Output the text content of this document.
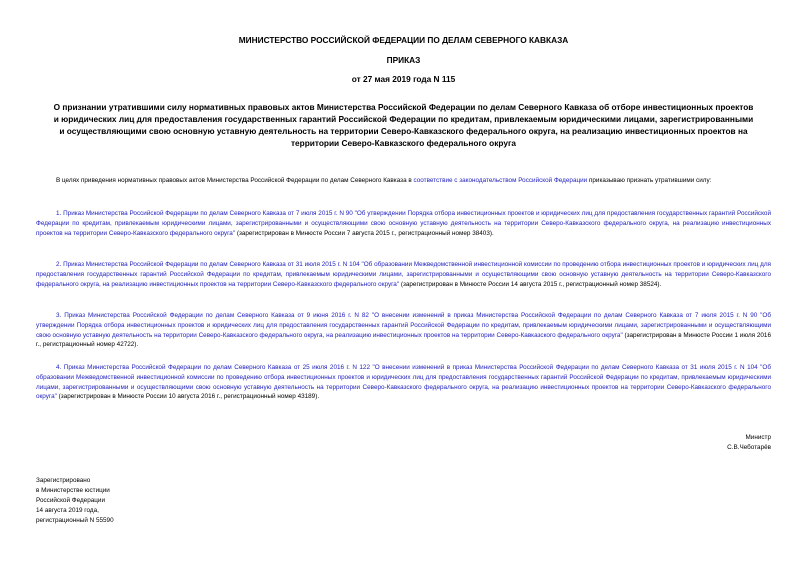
МИНИСТЕРСТВО РОССИЙСКОЙ ФЕДЕРАЦИИ ПО ДЕЛАМ СЕВЕРНОГО КАВКАЗА
ПРИКАЗ
от 27 мая 2019 года N 115
О признании утратившими силу нормативных правовых актов Министерства Российской Федерации по делам Северного Кавказа об отборе инвестиционных проектов и юридических лиц для предоставления государственных гарантий Российской Федерации по кредитам, привлекаемым юридическими лицами, зарегистрированными и осуществляющими свою основную уставную деятельность на территории Северо-Кавказского федерального округа, на реализацию инвестиционных проектов на территории Северо-Кавказского федерального округа
В целях приведения нормативных правовых актов Министерства Российской Федерации по делам Северного Кавказа в соответствие с законодательством Российской Федерации приказываю признать утратившими силу:
1. Приказ Министерства Российской Федерации по делам Северного Кавказа от 7 июля 2015 г. N 90 "Об утверждении Порядка отбора инвестиционных проектов и юридических лиц для предоставления государственных гарантий Российской Федерации по кредитам, привлекаемым юридическими лицами, зарегистрированными и осуществляющими свою основную уставную деятельность на территории Северо-Кавказского федерального округа, на реализацию инвестиционных проектов на территории Северо-Кавказского федерального округа" (зарегистрирован в Минюсте России 7 августа 2015 г., регистрационный номер 38403).
2. Приказ Министерства Российской Федерации по делам Северного Кавказа от 31 июля 2015 г. N 104 "Об образовании Межведомственной инвестиционной комиссии по проведению отбора инвестиционных проектов и юридических лиц для предоставления государственных гарантий Российской Федерации по кредитам, привлекаемым юридическими лицами, зарегистрированными и осуществляющими свою основную уставную деятельность на территории Северо-Кавказского федерального округа, на реализацию инвестиционных проектов на территории Северо-Кавказского федерального округа" (зарегистрирован в Минюсте России 14 августа 2015 г., регистрационный номер 38524).
3. Приказ Министерства Российской Федерации по делам Северного Кавказа от 9 июня 2016 г. N 82 "О внесении изменений в приказ Министерства Российской Федерации по делам Северного Кавказа от 7 июля 2015 г. N 90 "Об утверждении Порядка отбора инвестиционных проектов и юридических лиц для предоставления государственных гарантий Российской Федерации по кредитам, привлекаемым юридическими лицами, зарегистрированными и осуществляющими свою основную уставную деятельность на территории Северо-Кавказского федерального округа, на реализацию инвестиционных проектов на территории Северо-Кавказского федерального округа" (зарегистрирован в Минюсте России 1 июля 2016 г., регистрационный номер 42722).
4. Приказ Министерства Российской Федерации по делам Северного Кавказа от 25 июля 2016 г. N 122 "О внесении изменений в приказ Министерства Российской Федерации по делам Северного Кавказа от 31 июля 2015 г. N 104 "Об образовании Межведомственной инвестиционной комиссии по проведению отбора инвестиционных проектов и юридических лиц для предоставления государственных гарантий Российской Федерации по кредитам, привлекаемым юридическими лицами, зарегистрированными и осуществляющими свою основную уставную деятельность на территории Северо-Кавказского федерального округа, на реализацию инвестиционных проектов на территории Северо-Кавказского федерального округа" (зарегистрирован в Минюсте России 10 августа 2016 г., регистрационный номер 43189).
Министр
С.В.Чеботарёв
Зарегистрировано
в Министерстве юстиции
Российской Федерации
14 августа 2019 года,
регистрационный N 55590
